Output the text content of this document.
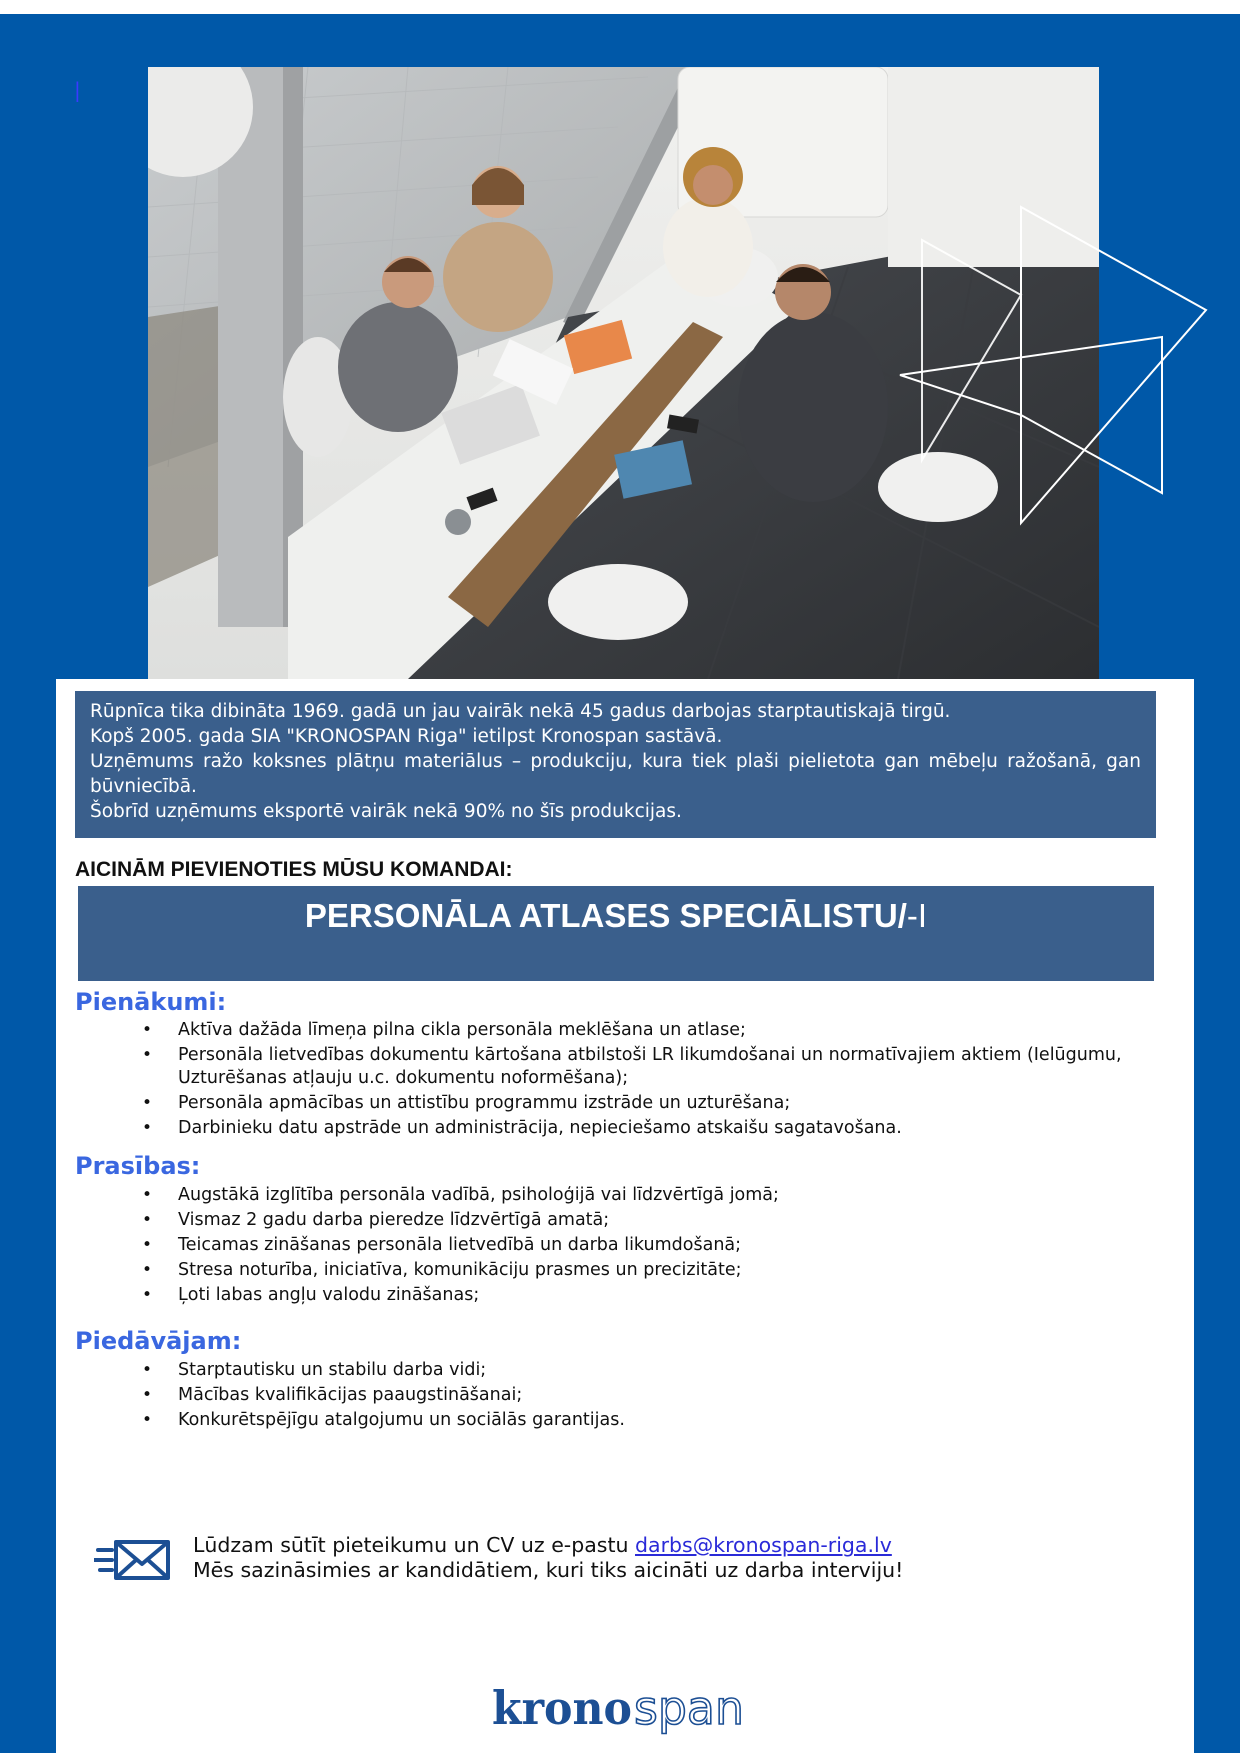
|

Rūpnīca tika dibināta 1969. gadā un jau vairāk nekā 45 gadus darbojas starptautiskajā tirgū.

Kopš 2005. gada SIA "KRONOSPAN Riga" ietilpst Kronospan sastāvā.

Uzņēmums ražo koksnes plātņu materiālus – produkciju, kura tiek plaši pielietota gan mēbeļu ražošanā, gan būvniecībā.

Šobrīd uzņēmums eksportē vairāk nekā 90% no šīs produkcijas.

AICINĀM PIEVIENOTIES MŪSU KOMANDAI:
PERSONĀLA ATLASES SPECIĀLISTU/-I
Pienākumi:
• Aktīva dažāda līmeņa pilna cikla personāla meklēšana un atlase;
• Personāla lietvedības dokumentu kārtošana atbilstoši LR likumdošanai un normatīvajiem aktiem (Ielūgumu, Uzturēšanas atļauju u.c. dokumentu noformēšana);
• Personāla apmācības un attistību programmu izstrāde un uzturēšana;
• Darbinieku datu apstrāde un administrācija, nepieciešamo atskaišu sagatavošana.
Prasības:
• Augstākā izglītība personāla vadībā, psiholoģijā vai līdzvērtīgā jomā;
• Vismaz 2 gadu darba pieredze līdzvērtīgā amatā;
• Teicamas zināšanas personāla lietvedībā un darba likumdošanā;
• Stresa noturība, iniciatīva, komunikāciju prasmes un precizitāte;
• Ļoti labas angļu valodu zināšanas;
Piedāvājam:
• Starptautisku un stabilu darba vidi;
• Mācības kvalifikācijas paaugstināšanai;
• Konkurētspējīgu atalgojumu un sociālās garantijas.

Lūdzam sūtīt pieteikumu un CV uz e-pastu darbs@kronospan-riga.lv

Mēs sazināsimies ar kandidātiem, kuri tiks aicināti uz darba interviju!

krono span
